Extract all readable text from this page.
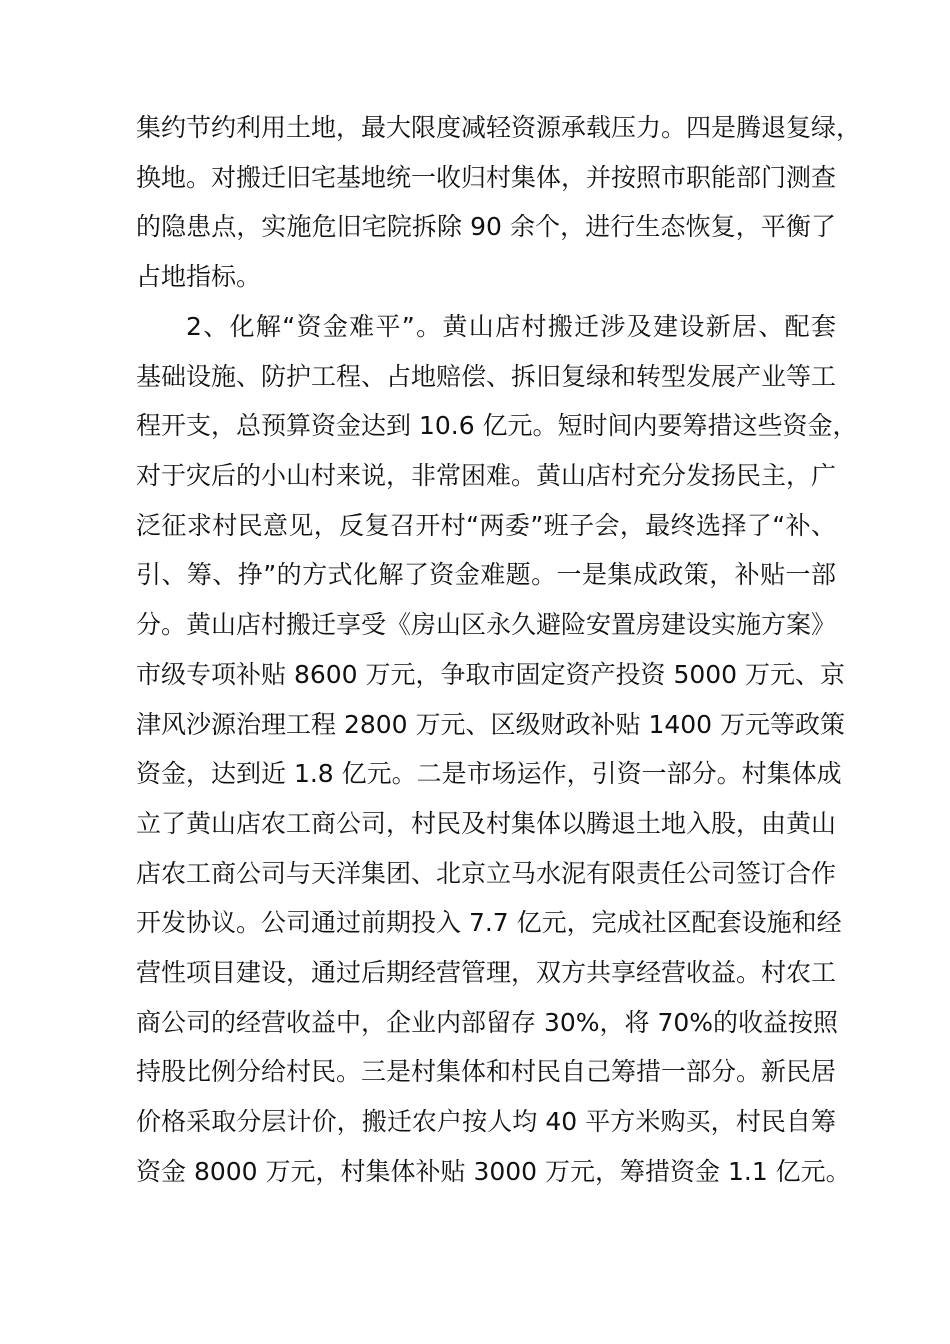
集约节约利用土地，最大限度减轻资源承载压力。四是腾退复绿，
换地。对搬迁旧宅基地统一收归村集体，并按照市职能部门测查
的隐患点，实施危旧宅院拆除 90 余个，进行生态恢复，平衡了
占地指标。
2、化解“资金难平”。黄山店村搬迁涉及建设新居、配套
基础设施、防护工程、占地赔偿、拆旧复绿和转型发展产业等工
程开支，总预算资金达到 10.6 亿元。短时间内要筹措这些资金，
对于灾后的小山村来说，非常困难。黄山店村充分发扬民主，广
泛征求村民意见，反复召开村“两委”班子会，最终选择了“补、
引、筹、挣”的方式化解了资金难题。一是集成政策，补贴一部
分。黄山店村搬迁享受《房山区永久避险安置房建设实施方案》
市级专项补贴 8600 万元，争取市固定资产投资 5000 万元、京
津风沙源治理工程 2800 万元、区级财政补贴 1400 万元等政策
资金，达到近 1.8 亿元。二是市场运作，引资一部分。村集体成
立了黄山店农工商公司，村民及村集体以腾退土地入股，由黄山
店农工商公司与天洋集团、北京立马水泥有限责任公司签订合作
开发协议。公司通过前期投入 7.7 亿元，完成社区配套设施和经
营性项目建设，通过后期经营管理，双方共享经营收益。村农工
商公司的经营收益中，企业内部留存 30%，将 70%的收益按照
持股比例分给村民。三是村集体和村民自己筹措一部分。新民居
价格采取分层计价，搬迁农户按人均 40 平方米购买，村民自筹
资金 8000 万元，村集体补贴 3000 万元，筹措资金 1.1 亿元。
